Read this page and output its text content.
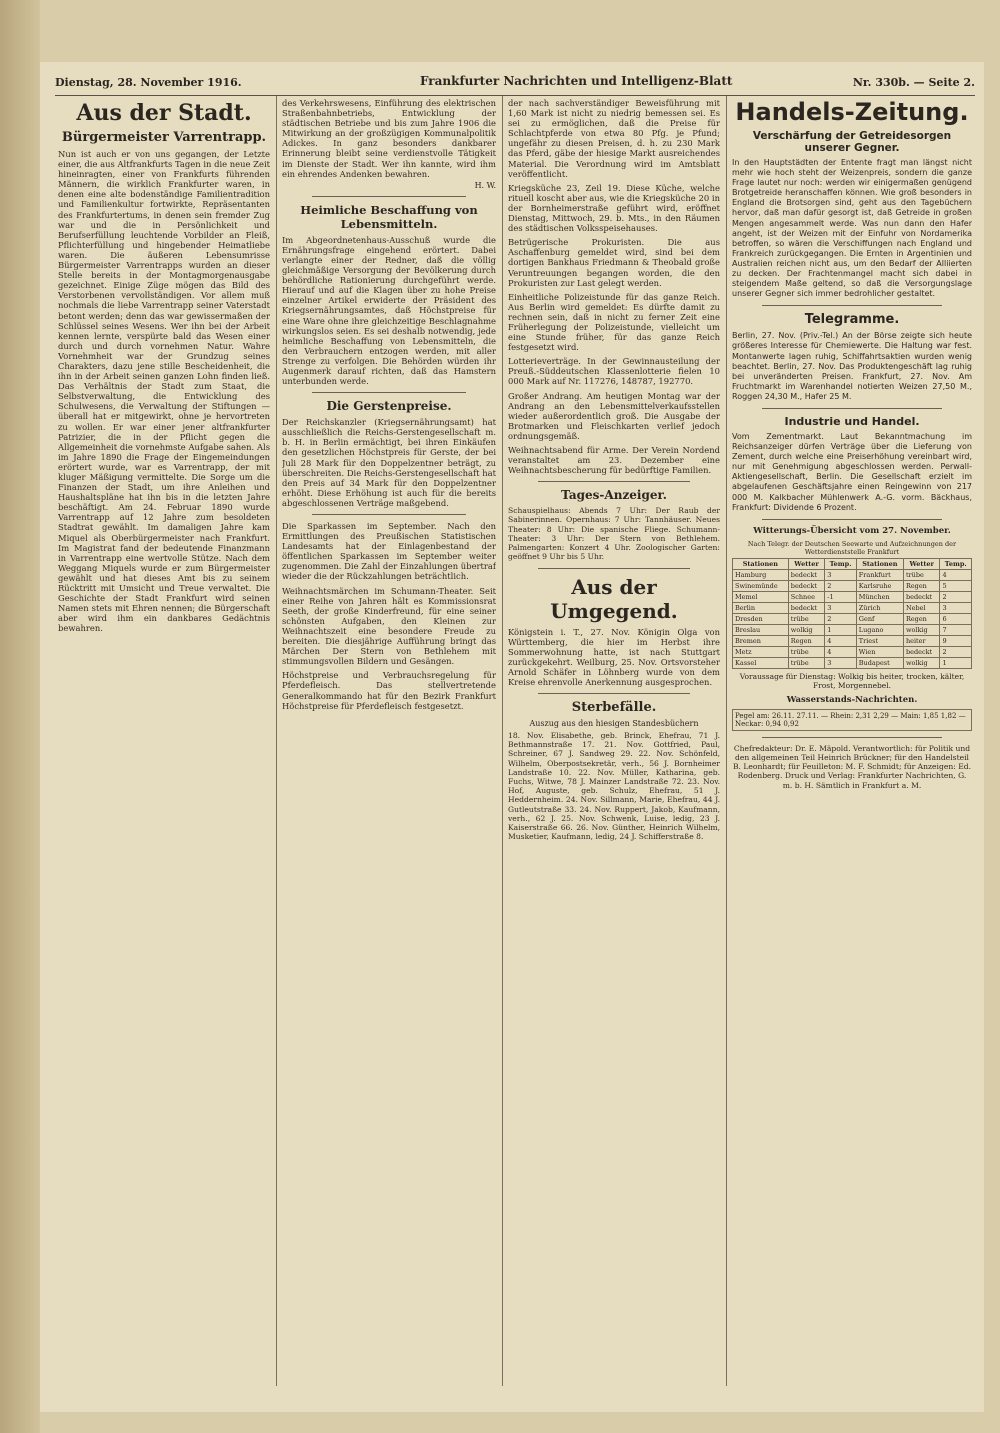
Dienstag, 28. November 1916.	Frankfurter Nachrichten und Intelligenz-Blatt	Nr. 330b. — Seite 2.
Aus der Stadt.
Bürgermeister Varrentrapp.

Nun ist auch er von uns gegangen, der Letzte einer, die aus Altfrankfurts Tagen in die neue Zeit hineinragten, einer von Frankfurts führenden Männern, die wirklich Frankfurter waren, in denen eine alte bodenständige Familientradition und Familienkultur fortwirkte, Repräsentanten des Frankfurtertums, in denen sein fremder Zug war und die in Persönlichkeit und Berufserfüllung leuchtende Vorbilder an Fleiß, Pflichterfüllung und hingebender Heimatliebe waren. Die äußeren Lebensumrisse Bürgermeister Varrentrapps wurden an dieser Stelle bereits in der Montagmorgenausgabe gezeichnet. Einige Züge mögen das Bild des Verstorbenen vervollständigen. Vor allem muß nochmals die liebe Varrentrapp seiner Vaterstadt betont werden; denn das war gewissermaßen der Schlüssel seines Wesens. Wer ihn bei der Arbeit kennen lernte, verspürte bald das Wesen einer durch und durch vornehmen Natur. Wahre Vornehmheit war der Grundzug seines Charakters, dazu jene stille Bescheidenheit, die ihn in der Arbeit seinen ganzen Lohn finden ließ. Das Verhältnis der Stadt zum Staat, die Selbstverwaltung, die Entwicklung des Schulwesens, die Verwaltung der Stiftungen — überall hat er mitgewirkt, ohne je hervortreten zu wollen. Er war einer jener altfrankfurter Patrizier, die in der Pflicht gegen die Allgemeinheit die vornehmste Aufgabe sahen. Als im Jahre 1890 die Frage der Eingemeindungen erörtert wurde, war es Varrentrapp, der mit kluger Mäßigung vermittelte. Die Sorge um die Finanzen der Stadt, um ihre Anleihen und Haushaltspläne hat ihn bis in die letzten Jahre beschäftigt. Am 24. Februar 1890 wurde Varrentrapp auf 12 Jahre zum besoldeten Stadtrat gewählt. Im damaligen Jahre kam Miquel als Oberbürgermeister nach Frankfurt. Im Magistrat fand der bedeutende Finanzmann in Varrentrapp eine wertvolle Stütze. Nach dem Weggang Miquels wurde er zum Bürgermeister gewählt und hat dieses Amt bis zu seinem Rücktritt mit Umsicht und Treue verwaltet. Die Geschichte der Stadt Frankfurt wird seinen Namen stets mit Ehren nennen; die Bürgerschaft aber wird ihm ein dankbares Gedächtnis bewahren.

des Verkehrswesens, Einführung des elektrischen Straßenbahnbetriebs, Entwicklung der städtischen Betriebe und bis zum Jahre 1906 die Mitwirkung an der großzügigen Kommunalpolitik Adickes. In ganz besonders dankbarer Erinnerung bleibt seine verdienstvolle Tätigkeit im Dienste der Stadt. Wer ihn kannte, wird ihm ein ehrendes Andenken bewahren.

H. W.
Heimliche Beschaffung von Lebensmitteln.

Im Abgeordnetenhaus-Ausschuß wurde die Ernährungsfrage eingehend erörtert. Dabei verlangte einer der Redner, daß die völlig gleichmäßige Versorgung der Bevölkerung durch behördliche Rationierung durchgeführt werde. Hierauf und auf die Klagen über zu hohe Preise einzelner Artikel erwiderte der Präsident des Kriegsernährungsamtes, daß Höchstpreise für eine Ware ohne ihre gleichzeitige Beschlagnahme wirkungslos seien. Es sei deshalb notwendig, jede heimliche Beschaffung von Lebensmitteln, die den Verbrauchern entzogen werden, mit aller Strenge zu verfolgen. Die Behörden würden ihr Augenmerk darauf richten, daß das Hamstern unterbunden werde.

Die Gerstenpreise.

Der Reichskanzler (Kriegsernährungsamt) hat ausschließlich die Reichs-Gerstengesellschaft m. b. H. in Berlin ermächtigt, bei ihren Einkäufen den gesetzlichen Höchstpreis für Gerste, der bei Juli 28 Mark für den Doppelzentner beträgt, zu überschreiten. Die Reichs-Gerstengesellschaft hat den Preis auf 34 Mark für den Doppelzentner erhöht. Diese Erhöhung ist auch für die bereits abgeschlossenen Verträge maßgebend.

Die Sparkassen im September. Nach den Ermittlungen des Preußischen Statistischen Landesamts hat der Einlagenbestand der öffentlichen Sparkassen im September weiter zugenommen. Die Zahl der Einzahlungen übertraf wieder die der Rückzahlungen beträchtlich.

Weihnachtsmärchen im Schumann-Theater. Seit einer Reihe von Jahren hält es Kommissionsrat Seeth, der große Kinderfreund, für eine seiner schönsten Aufgaben, den Kleinen zur Weihnachtszeit eine besondere Freude zu bereiten. Die diesjährige Aufführung bringt das Märchen Der Stern von Bethlehem mit stimmungsvollen Bildern und Gesängen.

Höchstpreise und Verbrauchsregelung für Pferdefleisch. Das stellvertretende Generalkommando hat für den Bezirk Frankfurt Höchstpreise für Pferdefleisch festgesetzt.

der nach sachverständiger Beweisführung mit 1,60 Mark ist nicht zu niedrig bemessen sei. Es sei zu ermöglichen, daß die Preise für Schlachtpferde von etwa 80 Pfg. je Pfund; ungefähr zu diesen Preisen, d. h. zu 230 Mark das Pferd, gäbe der hiesige Markt ausreichendes Material. Die Verordnung wird im Amtsblatt veröffentlicht.

Kriegsküche 23, Zeil 19. Diese Küche, welche rituell koscht aber aus, wie die Kriegsküche 20 in der Bornheimerstraße geführt wird, eröffnet Dienstag, Mittwoch, 29. b. Mts., in den Räumen des städtischen Volksspeisehauses.

Betrügerische Prokuristen. Die aus Aschaffenburg gemeldet wird, sind bei dem dortigen Bankhaus Friedmann & Theobald große Veruntreuungen begangen worden, die den Prokuristen zur Last gelegt werden.

Einheitliche Polizeistunde für das ganze Reich. Aus Berlin wird gemeldet: Es dürfte damit zu rechnen sein, daß in nicht zu ferner Zeit eine Früherlegung der Polizeistunde, vielleicht um eine Stunde früher, für das ganze Reich festgesetzt wird.

Lotterieverträge. In der Gewinnausteilung der Preuß.-Süddeutschen Klassenlotterie fielen 10 000 Mark auf Nr. 117276, 148787, 192770.

Großer Andrang. Am heutigen Montag war der Andrang an den Lebensmittelverkaufsstellen wieder außerordentlich groß. Die Ausgabe der Brotmarken und Fleischkarten verlief jedoch ordnungsgemäß.

Weihnachtsabend für Arme. Der Verein Nordend veranstaltet am 23. Dezember eine Weihnachtsbescherung für bedürftige Familien.

Tages-Anzeiger.

Schauspielhaus: Abends 7 Uhr: Der Raub der Sabinerinnen. Opernhaus: 7 Uhr: Tannhäuser. Neues Theater: 8 Uhr: Die spanische Fliege. Schumann-Theater: 3 Uhr: Der Stern von Bethlehem. Palmengarten: Konzert 4 Uhr. Zoologischer Garten: geöffnet 9 Uhr bis 5 Uhr.

Aus der Umgegend.

Königstein i. T., 27. Nov. Königin Olga von Württemberg, die hier im Herbst ihre Sommerwohnung hatte, ist nach Stuttgart zurückgekehrt. Weilburg, 25. Nov. Ortsvorsteher Arnold Schäfer in Löhnberg wurde von dem Kreise ehrenvolle Anerkennung ausgesprochen.

Sterbefälle.
Auszug aus den hiesigen Standesbüchern

18. Nov. Elisabethe, geb. Brinck, Ehefrau, 71 J. Bethmannstraße 17. 21. Nov. Gottfried, Paul, Schreiner, 67 J. Sandweg 29. 22. Nov. Schönfeld, Wilhelm, Oberpostsekretär, verh., 56 J. Bornheimer Landstraße 10. 22. Nov. Müller, Katharina, geb. Fuchs, Witwe, 78 J. Mainzer Landstraße 72. 23. Nov. Hof, Auguste, geb. Schulz, Ehefrau, 51 J. Heddernheim. 24. Nov. Sillmann, Marie, Ehefrau, 44 J. Gutleutstraße 33. 24. Nov. Ruppert, Jakob, Kaufmann, verh., 62 J. 25. Nov. Schwenk, Luise, ledig, 23 J. Kaiserstraße 66. 26. Nov. Günther, Heinrich Wilhelm, Musketier, Kaufmann, ledig, 24 J. Schifferstraße 8.

Handels-Zeitung.
Verschärfung der Getreidesorgen unserer Gegner.

In den Hauptstädten der Entente fragt man längst nicht mehr wie hoch steht der Weizenpreis, sondern die ganze Frage lautet nur noch: werden wir einigermaßen genügend Brotgetreide heranschaffen können. Wie groß besonders in England die Brotsorgen sind, geht aus den Tagebüchern hervor, daß man dafür gesorgt ist, daß Getreide in großen Mengen angesammelt werde. Was nun dann den Hafer angeht, ist der Weizen mit der Einfuhr von Nordamerika betroffen, so wären die Verschiffungen nach England und Frankreich zurückgegangen. Die Ernten in Argentinien und Australien reichen nicht aus, um den Bedarf der Alliierten zu decken. Der Frachtenmangel macht sich dabei in steigendem Maße geltend, so daß die Versorgungslage unserer Gegner sich immer bedrohlicher gestaltet.

Telegramme.

Berlin, 27. Nov. (Priv.-Tel.) An der Börse zeigte sich heute größeres Interesse für Chemiewerte. Die Haltung war fest. Montanwerte lagen ruhig, Schiffahrtsaktien wurden wenig beachtet. Berlin, 27. Nov. Das Produktengeschäft lag ruhig bei unveränderten Preisen. Frankfurt, 27. Nov. Am Fruchtmarkt im Warenhandel notierten Weizen 27,50 M., Roggen 24,30 M., Hafer 25 M.

Industrie und Handel.

Vom Zementmarkt. Laut Bekanntmachung im Reichsanzeiger dürfen Verträge über die Lieferung von Zement, durch welche eine Preiserhöhung vereinbart wird, nur mit Genehmigung abgeschlossen werden. Perwall-Aktiengesellschaft, Berlin. Die Gesellschaft erzielt im abgelaufenen Geschäftsjahre einen Reingewinn von 217 000 M. Kalkbacher Mühlenwerk A.-G. vorm. Bäckhaus, Frankfurt: Dividende 6 Prozent.

Witterungs-Übersicht vom 27. November.
Nach Telegr. der Deutschen Seewarte und Aufzeichnungen der Wetterdienststelle Frankfurt
Stationen	Wetter	Temp.	Stationen	Wetter	Temp.
Hamburg	bedeckt	3	Frankfurt	trübe	4
Swinemünde	bedeckt	2	Karlsruhe	Regen	5
Memel	Schnee	-1	München	bedeckt	2
Berlin	bedeckt	3	Zürich	Nebel	3
Dresden	trübe	2	Genf	Regen	6
Breslau	wolkig	1	Lugano	wolkig	7
Bremen	Regen	4	Triest	heiter	9
Metz	trübe	4	Wien	bedeckt	2
Kassel	trübe	3	Budapest	wolkig	1
Voraussage für Dienstag: Wolkig bis heiter, trocken, kälter, Frost, Morgennebel.
Wasserstands-Nachrichten.
Pegel am: 26.11. 27.11. — Rhein: 2,31 2,29 — Main: 1,85 1,82 — Neckar: 0,94 0,92

Chefredakteur: Dr. E. Mäpold. Verantwortlich: für Politik und den allgemeinen Teil Heinrich Brückner; für den Handelsteil B. Leonhardt; für Feuilleton: M. F. Schmidt; für Anzeigen: Ed. Rodenberg. Druck und Verlag: Frankfurter Nachrichten, G. m. b. H. Sämtlich in Frankfurt a. M.
